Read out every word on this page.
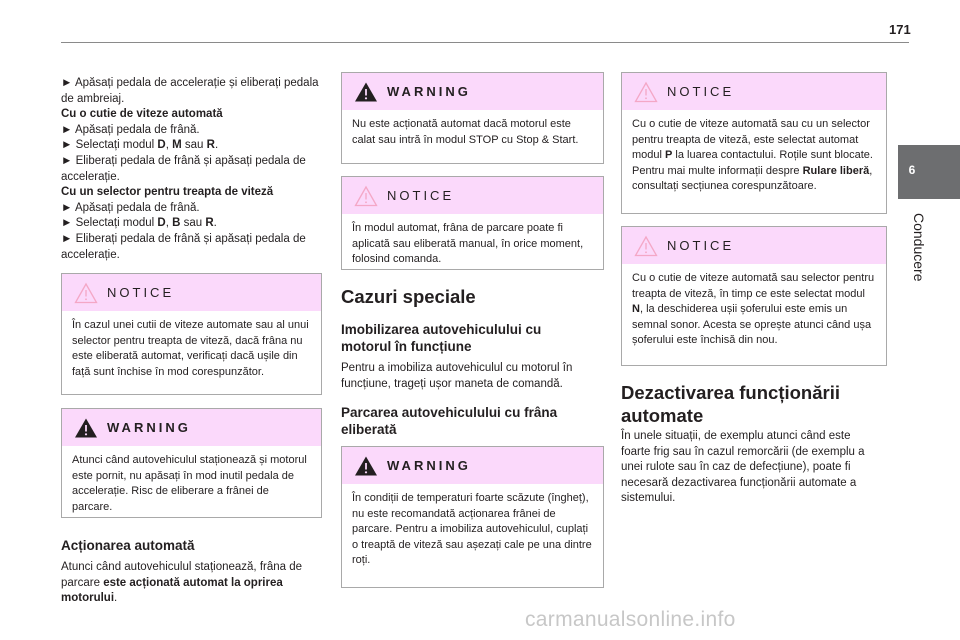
171
6
Conducere

► Apăsați pedala de accelerație și eliberați pedala de ambreiaj.

Cu o cutie de viteze automată

► Apăsați pedala de frână.

► Selectați modul D, M sau R.

► Eliberați pedala de frână și apăsați pedala de accelerație.

Cu un selector pentru treapta de viteză

► Apăsați pedala de frână.

► Selectați modul D, B sau R.

► Eliberați pedala de frână și apăsați pedala de accelerație.

NOTICE
În cazul unei cutii de viteze automate sau al unui selector pentru treapta de viteză, dacă frâna nu este eliberată automat, verificați dacă ușile din față sunt închise în mod corespunzător.
WARNING
Atunci când autovehiculul staționează și motorul este pornit, nu apăsați în mod inutil pedala de accelerație. Risc de eliberare a frânei de parcare.
Acționarea automată
Atunci când autovehiculul staționează, frâna de parcare este acționată automat la oprirea motorului.
WARNING
Nu este acționată automat dacă motorul este calat sau intră în modul STOP cu Stop & Start.
NOTICE
În modul automat, frâna de parcare poate fi aplicată sau eliberată manual, în orice moment, folosind comanda.
Cazuri speciale
Imobilizarea autovehiculului cu motorul în funcțiune
Pentru a imobiliza autovehiculul cu motorul în funcțiune, trageți ușor maneta de comandă.
Parcarea autovehiculului cu frâna eliberată
WARNING
În condiții de temperaturi foarte scăzute (îngheț), nu este recomandată acționarea frânei de parcare. Pentru a imobiliza autovehiculul, cuplați o treaptă de viteză sau așezați cale pe una dintre roți.
NOTICE
Cu o cutie de viteze automată sau cu un selector pentru treapta de viteză, este selectat automat modul P la luarea contactului. Roțile sunt blocate. Pentru mai multe informații despre Rulare liberă, consultați secțiunea corespunzătoare.
NOTICE
Cu o cutie de viteze automată sau selector pentru treapta de viteză, în timp ce este selectat modul N, la deschiderea ușii șoferului este emis un semnal sonor. Acesta se oprește atunci când ușa șoferului este închisă din nou.
Dezactivarea funcționării automate
În unele situații, de exemplu atunci când este foarte frig sau în cazul remorcării (de exemplu a unei rulote sau în caz de defecțiune), poate fi necesară dezactivarea funcționării automate a sistemului.
carmanualsonline.info
